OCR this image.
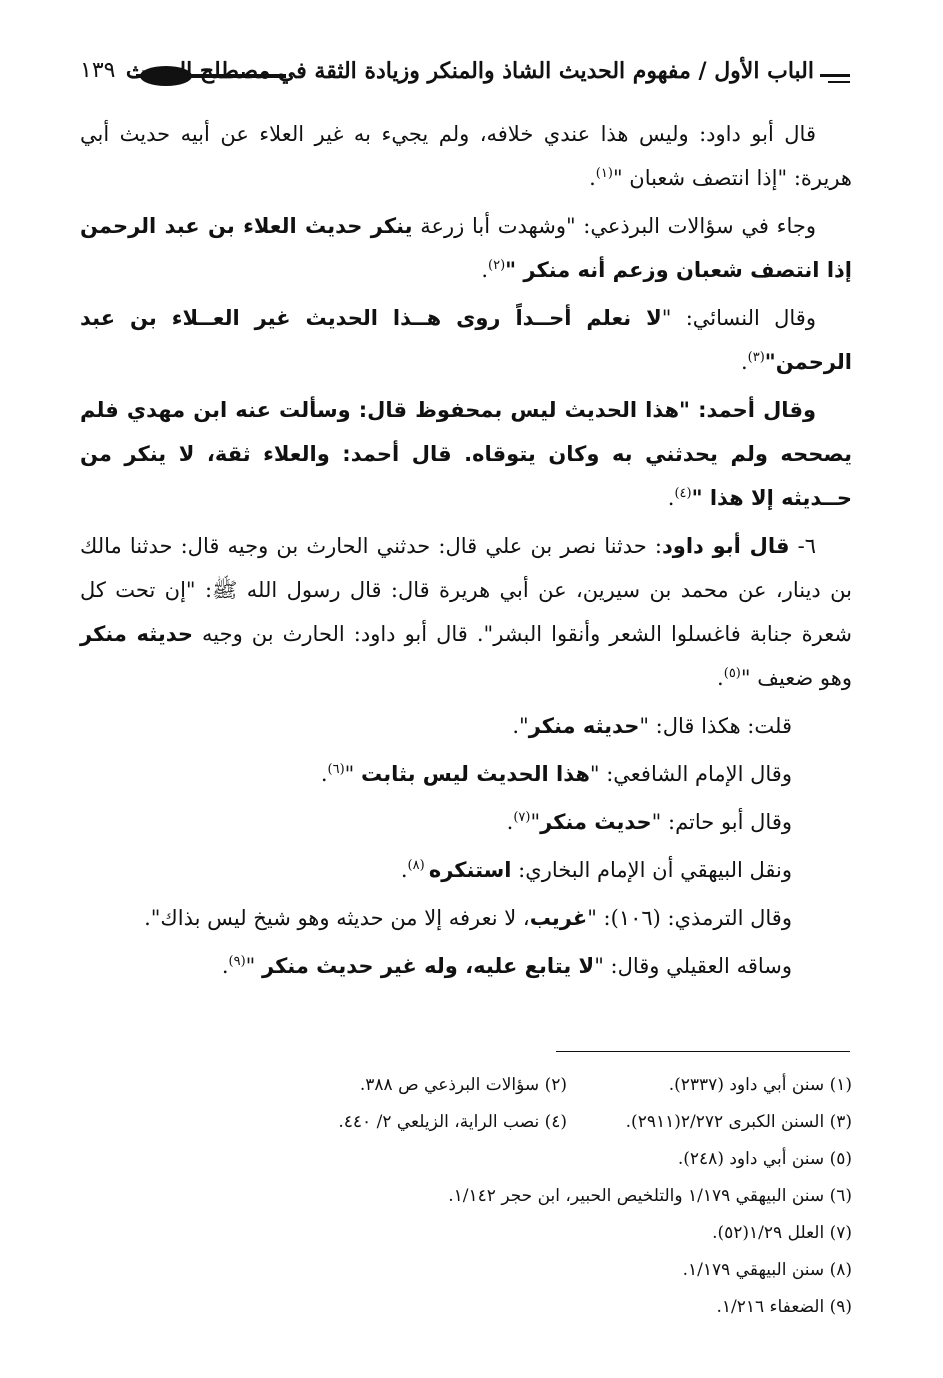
١٣٩ الباب الأول / مفهوم الحديث الشاذ والمنكر وزيادة الثقة في مصطلح الحديث

قال أبو داود: وليس هذا عندي خلافه، ولم يجيء به غير العلاء عن أبيه حديث أبي هريرة: "إذا انتصف شعبان "$^{(١)}$.

وجاء في سؤالات البرذعي: "وشهدت أبا زرعة ينكر حديث العلاء بن عبد الرحمن إذا انتصف شعبان وزعم أنه منكر "$^{(٢)}$.

وقال النسائي: "لا نعلم أحــداً روى هــذا الحديث غير العــلاء بن عبد الرحمن"$^{(٣)}$.

وقال أحمد: "هذا الحديث ليس بمحفوظ قال: وسألت عنه ابن مهدي فلم يصححه ولم يحدثني به وكان يتوقاه. قال أحمد: والعلاء ثقة، لا ينكر من حــديثه إلا هذا "$^{(٤)}$.

٦- قال أبو داود: حدثنا نصر بن علي قال: حدثني الحارث بن وجيه قال: حدثنا مالك بن دينار، عن محمد بن سيرين، عن أبي هريرة قال: قال رسول الله ﷺ: "إن تحت كل شعرة جنابة فاغسلوا الشعر وأنقوا البشر". قال أبو داود: الحارث بن وجيه حديثه منكر وهو ضعيف "$^{(٥)}$.

قلت: هكذا قال: "حديثه منكر".

وقال الإمام الشافعي: "هذا الحديث ليس بثابت "$^{(٦)}$.

وقال أبو حاتم: "حديث منكر"$^{(٧)}$.

ونقل البيهقي أن الإمام البخاري: استنكره $^{(٨)}$.

وقال الترمذي: (١٠٦): "غريب، لا نعرفه إلا من حديثه وهو شيخ ليس بذاك".

وساقه العقيلي وقال: "لا يتابع عليه، وله غير حديث منكر "$^{(٩)}$.

(١) سنن أبي داود (٢٣٣٧).
(٢) سؤالات البرذعي ص ٣٨٨.
(٣) السنن الكبرى ٢/٢٧٢(٢٩١١).
(٤) نصب الراية، الزيلعي ٢/ ٤٤٠.
(٥) سنن أبي داود (٢٤٨).
(٦) سنن البيهقي ١/١٧٩ والتلخيص الحبير، ابن حجر ١/١٤٢.
(٧) العلل ١/٢٩(٥٢).
(٨) سنن البيهقي ١/١٧٩.
(٩) الضعفاء ١/٢١٦.
